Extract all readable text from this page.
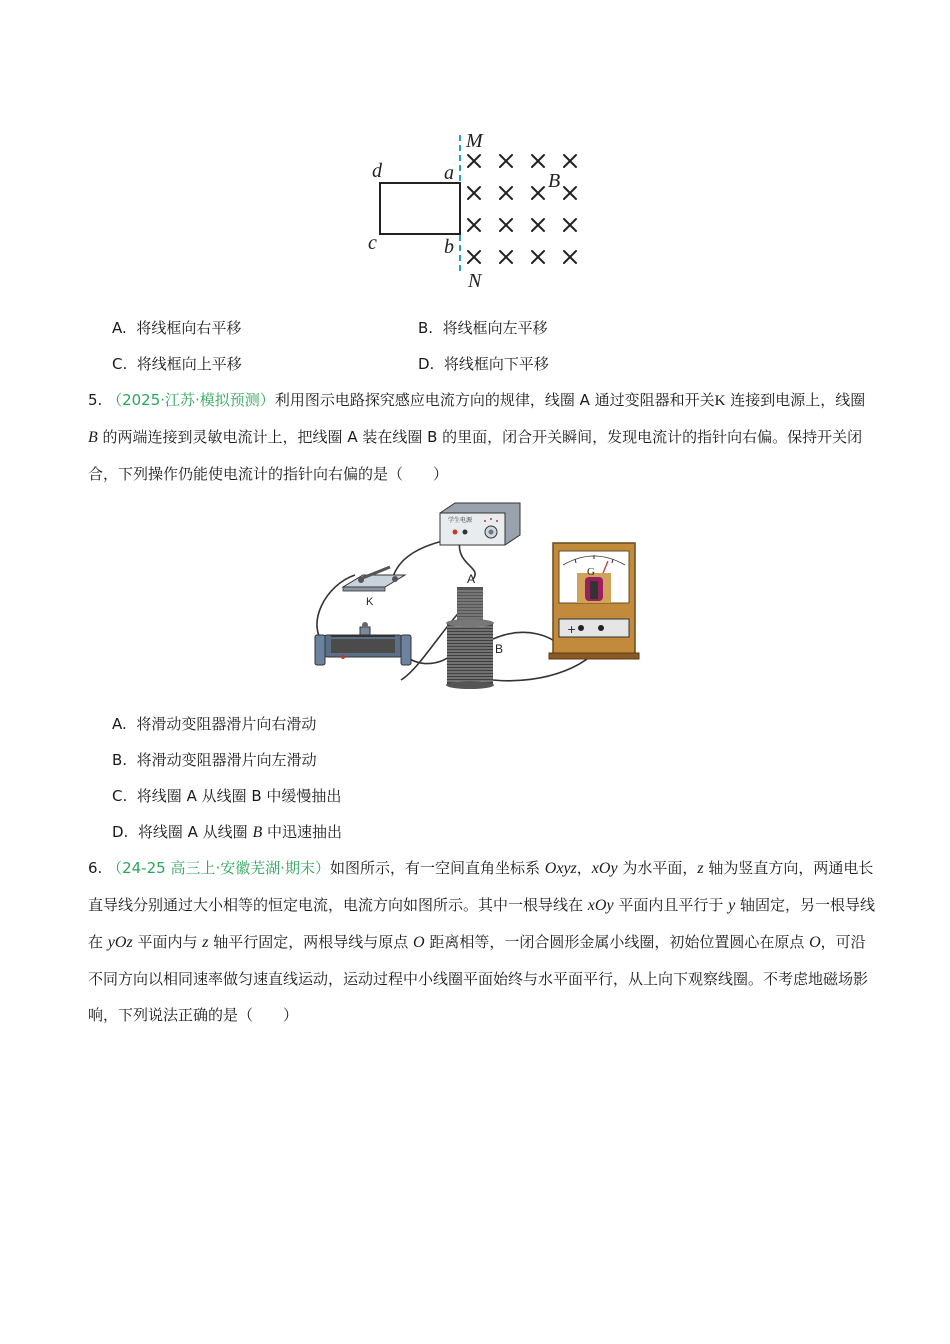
M
d	a	B
c	b
N
A. 将线框向右平移	B. 将线框向左平移
C. 将线框向上平移	D. 将线框向下平移
5. （2025·江苏·模拟预测）利用图示电路探究感应电流方向的规律，线圈 A 通过变阻器和开关K 连接到电源上，线圈 B 的两端连接到灵敏电流计上，把线圈 A 装在线圈 B 的里面，闭合开关瞬间，发现电流计的指针向右偏。保持开关闭合，下列操作仍能使电流计的指针向右偏的是（　　）
学生电源
K
A
B
G
+
A. 将滑动变阻器滑片向右滑动
B. 将滑动变阻器滑片向左滑动
C. 将线圈 A 从线圈 B 中缓慢抽出
D. 将线圈 A 从线圈 B 中迅速抽出
6. （24-25 高三上·安徽芜湖·期末）如图所示，有一空间直角坐标系 Oxyz，xOy 为水平面，z 轴为竖直方向，两通电长直导线分别通过大小相等的恒定电流，电流方向如图所示。其中一根导线在 xOy 平面内且平行于 y 轴固定，另一根导线在 yOz 平面内与 z 轴平行固定，两根导线与原点 O 距离相等，一闭合圆形金属小线圈，初始位置圆心在原点 O，可沿不同方向以相同速率做匀速直线运动，运动过程中小线圈平面始终与水平面平行，从上向下观察线圈。不考虑地磁场影响，下列说法正确的是（　　）
